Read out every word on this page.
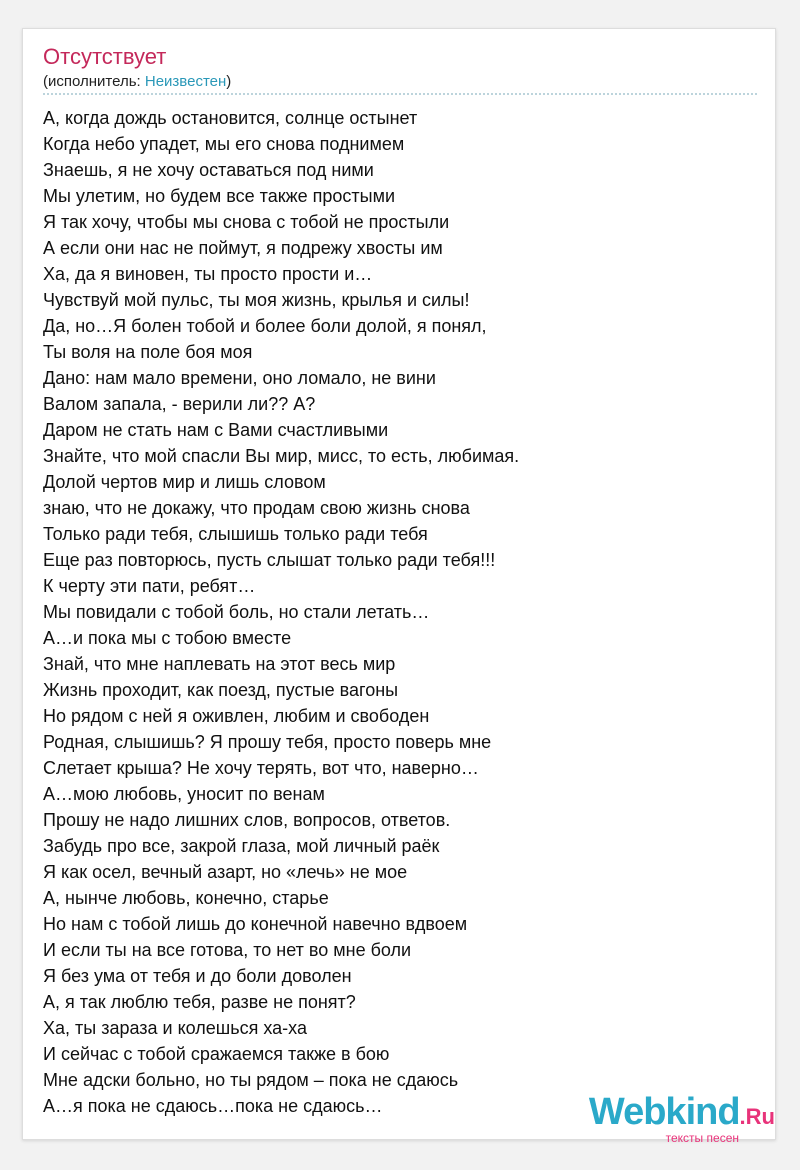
Отсутствует
(исполнитель: Неизвестен)
А, когда дождь остановится, солнце остынет
Когда небо упадет, мы его снова поднимем
Знаешь, я не хочу оставаться под ними
Мы улетим, но будем все также простыми
Я так хочу, чтобы мы снова с тобой не простыли
А если они нас не поймут, я подрежу хвосты им
Ха, да я виновен, ты просто прости и…
Чувствуй мой пульс, ты моя жизнь, крылья и силы!
Да, но…Я болен тобой и более боли долой, я понял,
Ты воля на поле боя моя
Дано: нам мало времени, оно ломало, не вини
Валом запала, - верили ли?? А?
Даром не стать нам с Вами счастливыми
Знайте, что мой спасли Вы мир, мисс, то есть, любимая.
Долой чертов мир и лишь словом
знаю, что не докажу, что продам свою жизнь снова
Только ради тебя, слышишь только ради тебя
Еще раз повторюсь, пусть слышат только ради тебя!!!
К черту эти пати, ребят…
Мы повидали с тобой боль, но стали летать…
А…и пока мы с тобою вместе
Знай, что мне наплевать на этот весь мир
Жизнь проходит, как поезд, пустые вагоны
Но рядом с ней я оживлен, любим и свободен
Родная, слышишь? Я прошу тебя, просто поверь мне
Слетает крыша? Не хочу терять, вот что, наверно…
А…мою любовь, уносит по венам
Прошу не надо лишних слов, вопросов, ответов.
Забудь про все, закрой глаза, мой личный раёк
Я как осел, вечный азарт, но «лечь» не мое
А, нынче любовь, конечно, старье
Но нам с тобой лишь до конечной навечно вдвоем
И если ты на все готова, то нет во мне боли
Я без ума от тебя и до боли доволен
А, я так люблю тебя, разве не понят?
Ха, ты зараза и колешься ха-ха
И сейчас с тобой сражаемся также в бою
Мне адски больно, но ты рядом – пока не сдаюсь
А…я пока не сдаюсь…пока не сдаюсь…	Webkind.Ru
тексты песен
